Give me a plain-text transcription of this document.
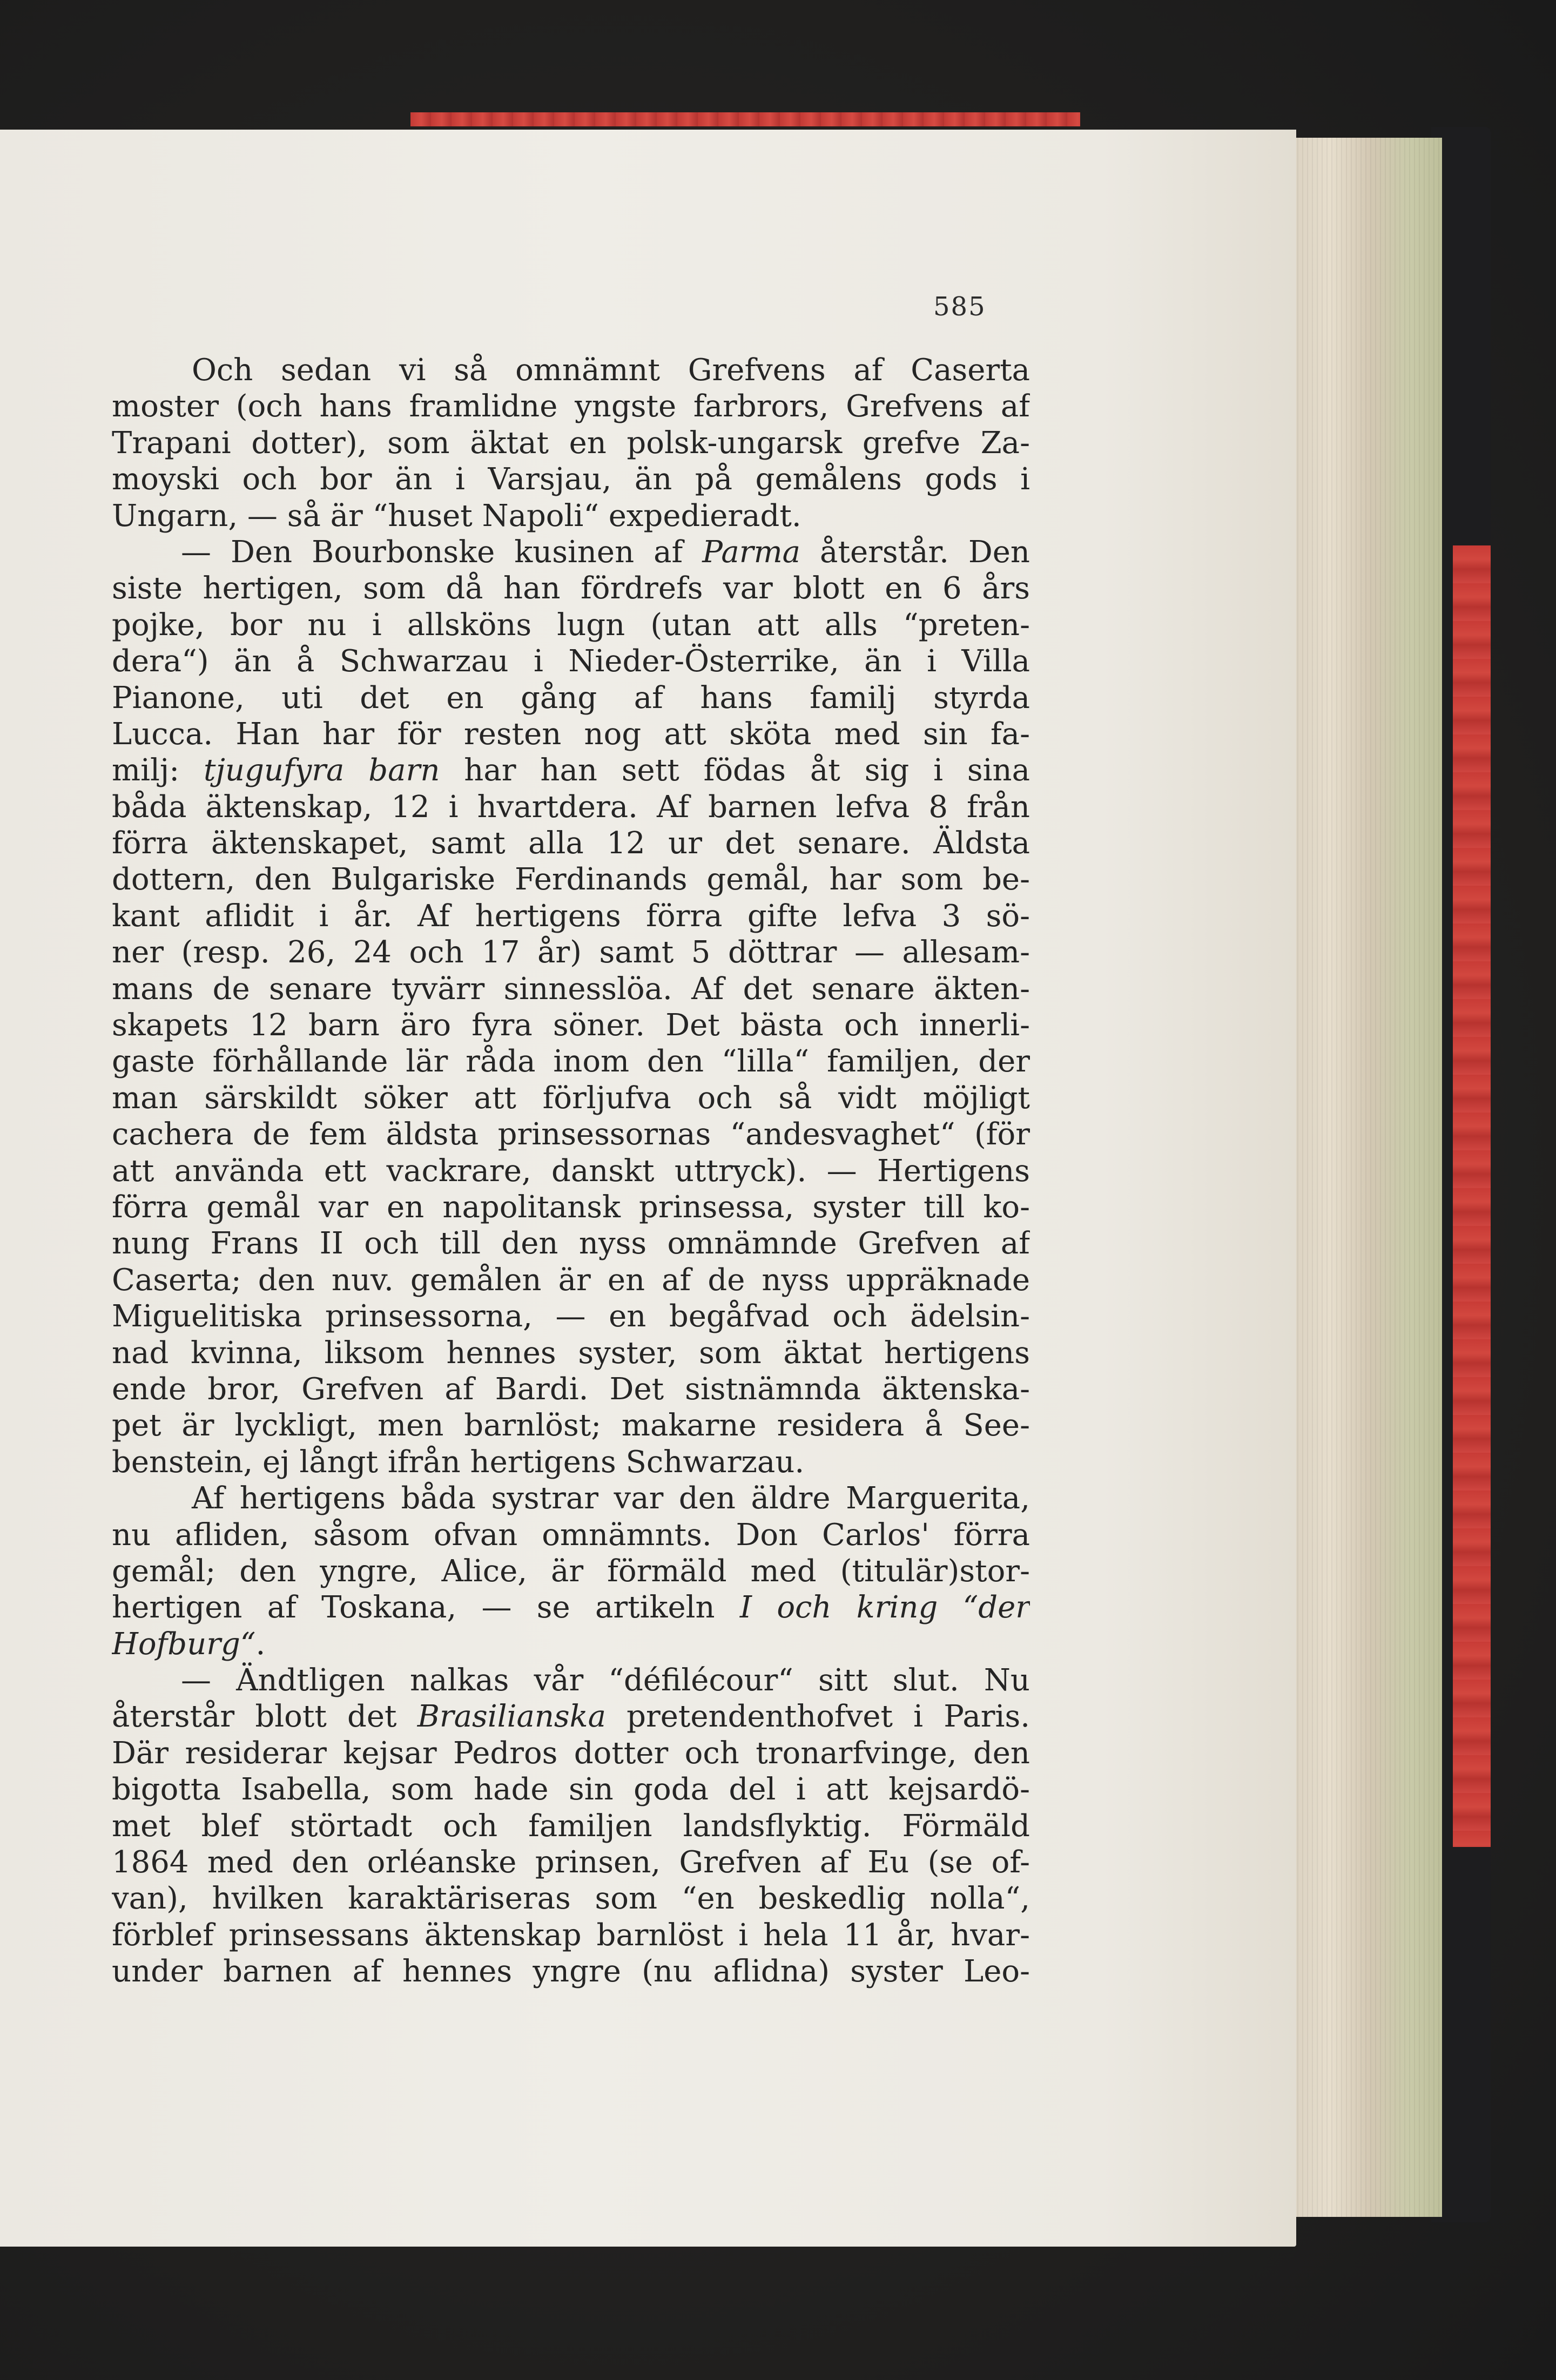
585
Och sedan vi så omnämnt Grefvens af Caserta
moster (och hans framlidne yngste farbrors, Grefvens af
Trapani dotter), som äktat en polsk-ungarsk grefve Za-
moyski och bor än i Varsjau, än på gemålens gods i
Ungarn, — så är “huset Napoli“ expedieradt.
— Den Bourbonske kusinen af Parma återstår. Den
siste hertigen, som då han fördrefs var blott en 6 års
pojke, bor nu i allsköns lugn (utan att alls “preten-
dera“) än å Schwarzau i Nieder-Österrike, än i Villa
Pianone, uti det en gång af hans familj styrda
Lucca. Han har för resten nog att sköta med sin fa-
milj: tjugufyra barn har han sett födas åt sig i sina
båda äktenskap, 12 i hvartdera. Af barnen lefva 8 från
förra äktenskapet, samt alla 12 ur det senare. Äldsta
dottern, den Bulgariske Ferdinands gemål, har som be-
kant aflidit i år. Af hertigens förra gifte lefva 3 sö-
ner (resp. 26, 24 och 17 år) samt 5 döttrar — allesam-
mans de senare tyvärr sinnesslöa. Af det senare äkten-
skapets 12 barn äro fyra söner. Det bästa och innerli-
gaste förhållande lär råda inom den “lilla“ familjen, der
man särskildt söker att förljufva och så vidt möjligt
cachera de fem äldsta prinsessornas “andesvaghet“ (för
att använda ett vackrare, danskt uttryck). — Hertigens
förra gemål var en napolitansk prinsessa, syster till ko-
nung Frans II och till den nyss omnämnde Grefven af
Caserta; den nuv. gemålen är en af de nyss uppräknade
Miguelitiska prinsessorna, — en begåfvad och ädelsin-
nad kvinna, liksom hennes syster, som äktat hertigens
ende bror, Grefven af Bardi. Det sistnämnda äktenska-
pet är lyckligt, men barnlöst; makarne residera å See-
benstein, ej långt ifrån hertigens Schwarzau.
Af hertigens båda systrar var den äldre Marguerita,
nu afliden, såsom ofvan omnämnts. Don Carlos' förra
gemål; den yngre, Alice, är förmäld med (titulär)stor-
hertigen af Toskana, — se artikeln I och kring “der
Hofburg“.
— Ändtligen nalkas vår “défilécour“ sitt slut. Nu
återstår blott det Brasilianska pretendenthofvet i Paris.
Där residerar kejsar Pedros dotter och tronarfvinge, den
bigotta Isabella, som hade sin goda del i att kejsardö-
met blef störtadt och familjen landsflyktig. Förmäld
1864 med den orléanske prinsen, Grefven af Eu (se of-
van), hvilken karaktäriseras som “en beskedlig nolla“,
förblef prinsessans äktenskap barnlöst i hela 11 år, hvar-
under barnen af hennes yngre (nu aflidna) syster Leo-
